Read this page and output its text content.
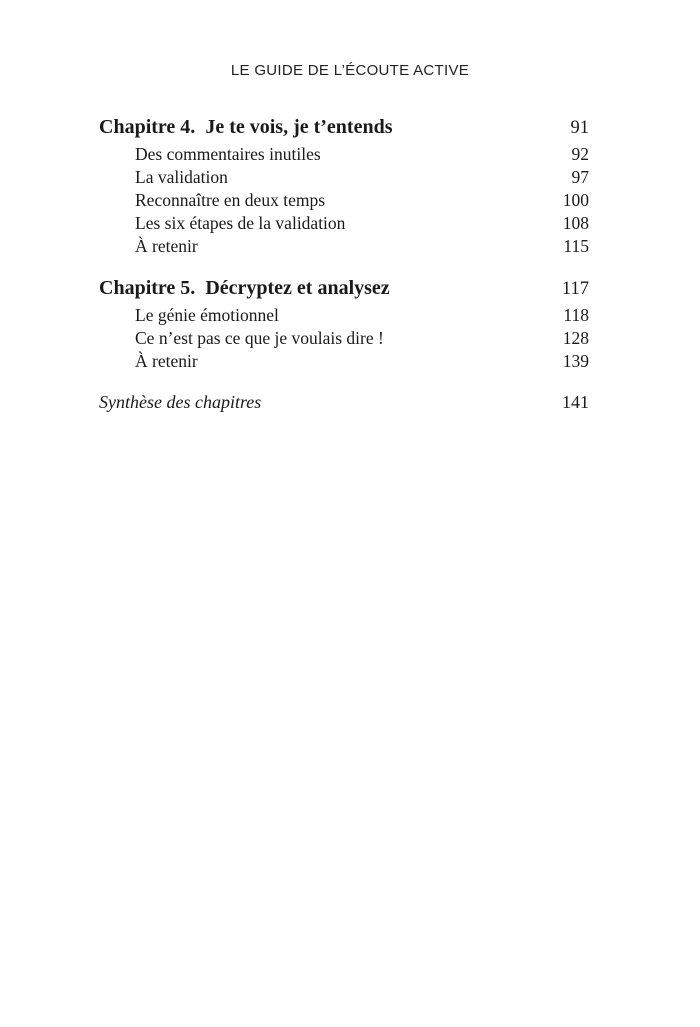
LE GUIDE DE L’ÉCOUTE ACTIVE
Chapitre 4. Je te vois, je t’entends	91
Des commentaires inutiles	92
La validation	97
Reconnaître en deux temps	100
Les six étapes de la validation	108
À retenir	115
Chapitre 5. Décryptez et analysez	117
Le génie émotionnel	118
Ce n’est pas ce que je voulais dire !	128
À retenir	139
Synthèse des chapitres	141
